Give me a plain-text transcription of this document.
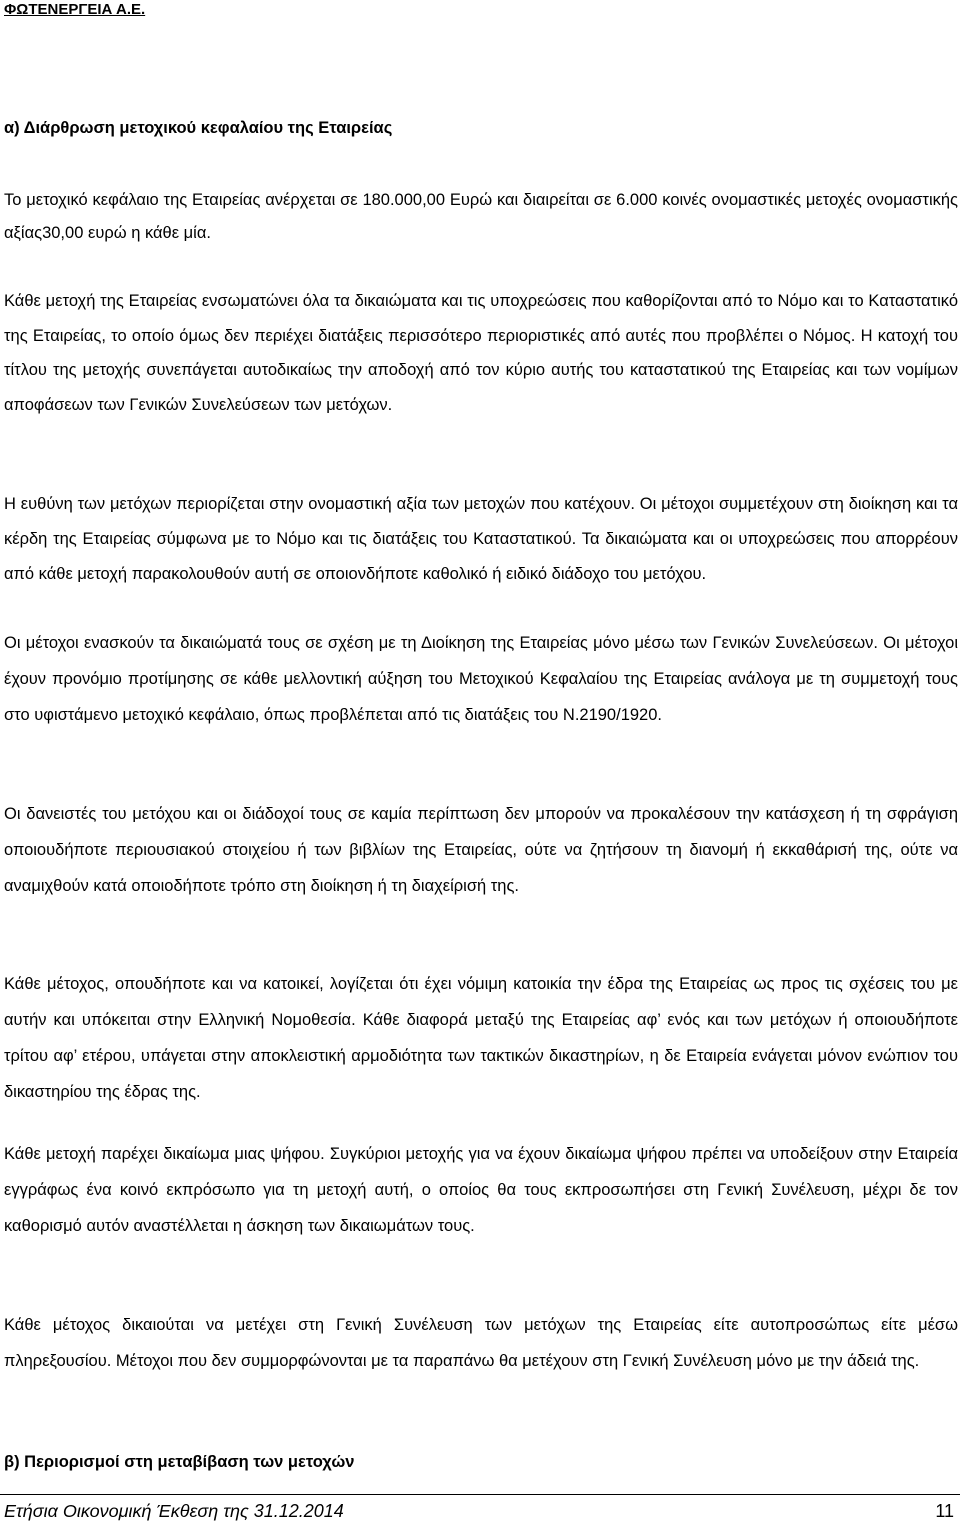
ΦΩΤΕΝΕΡΓΕΙΑ Α.Ε.
α) Διάρθρωση μετοχικού κεφαλαίου της Εταιρείας

Το μετοχικό κεφάλαιο της Εταιρείας ανέρχεται σε 180.000,00 Ευρώ και διαιρείται σε 6.000 κοινές ονομαστικές μετοχές ονομαστικής αξίας30,00 ευρώ η κάθε μία.

Κάθε μετοχή της Εταιρείας ενσωματώνει όλα τα δικαιώματα και τις υποχρεώσεις που καθορίζονται από το Νόμο και το Καταστατικό της Εταιρείας, το οποίο όμως δεν περιέχει διατάξεις περισσότερο περιοριστικές από αυτές που προβλέπει ο Νόμος. Η κατοχή του τίτλου της μετοχής συνεπάγεται αυτοδικαίως την αποδοχή από τον κύριο αυτής του καταστατικού της Εταιρείας και των νομίμων αποφάσεων των Γενικών Συνελεύσεων των μετόχων.

Η ευθύνη των μετόχων περιορίζεται στην ονομαστική αξία των μετοχών που κατέχουν. Οι μέτοχοι συμμετέχουν στη διοίκηση και τα κέρδη της Εταιρείας σύμφωνα με το Νόμο και τις διατάξεις του Καταστατικού. Τα δικαιώματα και οι υποχρεώσεις που απορρέουν από κάθε μετοχή παρακολουθούν αυτή σε οποιονδήποτε καθολικό ή ειδικό διάδοχο του μετόχου.

Οι μέτοχοι ενασκούν τα δικαιώματά τους σε σχέση με τη Διοίκηση της Εταιρείας μόνο μέσω των Γενικών Συνελεύσεων. Οι μέτοχοι έχουν προνόμιο προτίμησης σε κάθε μελλοντική αύξηση του Μετοχικού Κεφαλαίου της Εταιρείας ανάλογα με τη συμμετοχή τους στο υφιστάμενο μετοχικό κεφάλαιο, όπως προβλέπεται από τις διατάξεις του Ν.2190/1920.

Οι δανειστές του μετόχου και οι διάδοχοί τους σε καμία περίπτωση δεν μπορούν να προκαλέσουν την κατάσχεση ή τη σφράγιση οποιουδήποτε περιουσιακού στοιχείου ή των βιβλίων της Εταιρείας, ούτε να ζητήσουν τη διανομή ή εκκαθάρισή της, ούτε να αναμιχθούν κατά οποιοδήποτε τρόπο στη διοίκηση ή τη διαχείρισή της.

Κάθε μέτοχος, οπουδήποτε και να κατοικεί, λογίζεται ότι έχει νόμιμη κατοικία την έδρα της Εταιρείας ως προς τις σχέσεις του με αυτήν και υπόκειται στην Ελληνική Νομοθεσία. Κάθε διαφορά μεταξύ της Εταιρείας αφ’ ενός και των μετόχων ή οποιουδήποτε τρίτου αφ’ ετέρου, υπάγεται στην αποκλειστική αρμοδιότητα των τακτικών δικαστηρίων, η δε Εταιρεία ενάγεται μόνον ενώπιον του δικαστηρίου της έδρας της.

Κάθε μετοχή παρέχει δικαίωμα μιας ψήφου. Συγκύριοι μετοχής για να έχουν δικαίωμα ψήφου πρέπει να υποδείξουν στην Εταιρεία εγγράφως ένα κοινό εκπρόσωπο για τη μετοχή αυτή, ο οποίος θα τους εκπροσωπήσει στη Γενική Συνέλευση, μέχρι δε τον καθορισμό αυτόν αναστέλλεται η άσκηση των δικαιωμάτων τους.

Κάθε μέτοχος δικαιούται να μετέχει στη Γενική Συνέλευση των μετόχων της Εταιρείας είτε αυτοπροσώπως είτε μέσω πληρεξουσίου. Μέτοχοι που δεν συμμορφώνονται με τα παραπάνω θα μετέχουν στη Γενική Συνέλευση μόνο με την άδειά της.

β) Περιορισμοί στη μεταβίβαση των μετοχών
Ετήσια Οικονομική Έκθεση της 31.12.2014	11
